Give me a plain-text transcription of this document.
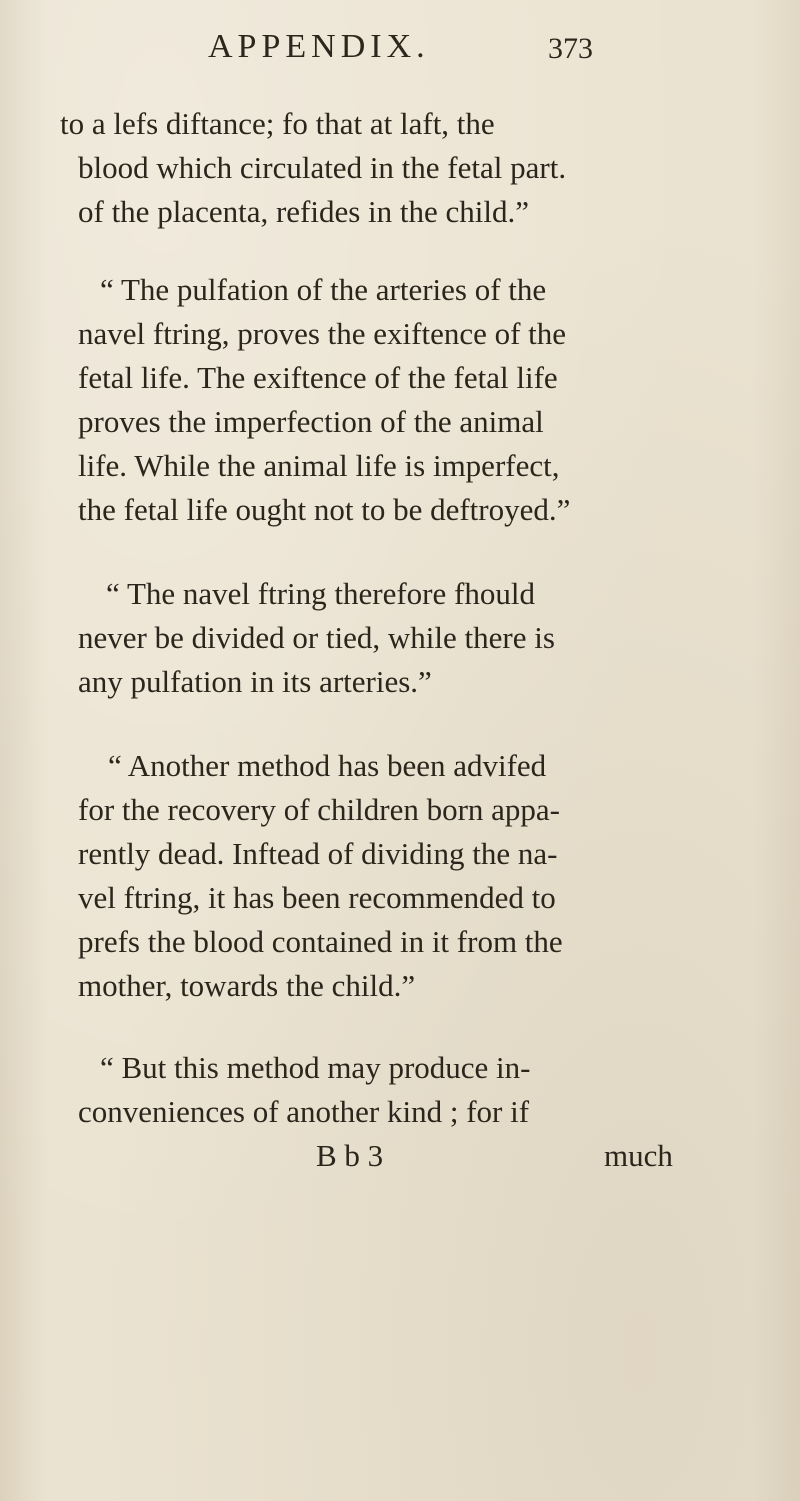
APPENDIX.	373
to a lefs diftance; fo that at laft, the
blood which circulated in the fetal part.
of the placenta, refides in the child.”
“ The pulfation of the arteries of the
navel ftring, proves the exiftence of the
fetal life. The exiftence of the fetal life
proves the imperfection of the animal
life. While the animal life is imperfect,
the fetal life ought not to be deftroyed.”
“ The navel ftring therefore fhould
never be divided or tied, while there is
any pulfation in its arteries.”
“ Another method has been advifed
for the recovery of children born appa-
rently dead. Inftead of dividing the na-
vel ftring, it has been recommended to
prefs the blood contained in it from the
mother, towards the child.”
“ But this method may produce in-
conveniences of another kind ; for if
B b 3	much
